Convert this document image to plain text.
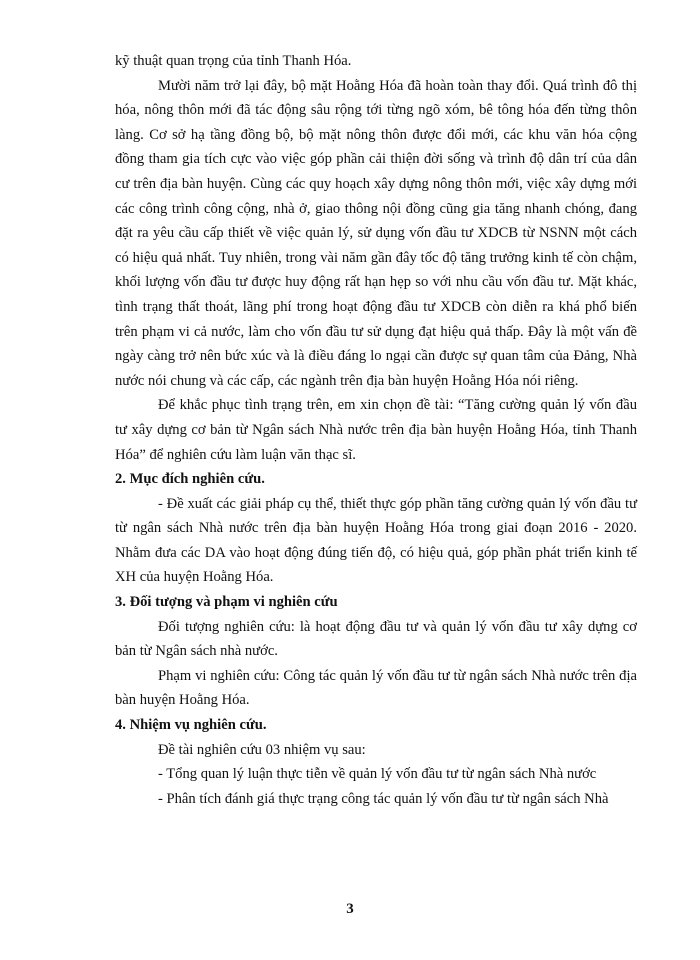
kỹ thuật quan trọng của tỉnh Thanh Hóa.

Mười năm trở lại đây, bộ mặt Hoằng Hóa đã hoàn toàn thay đổi. Quá trình đô thị hóa, nông thôn mới đã tác động sâu rộng tới từng ngõ xóm, bê tông hóa đến từng thôn làng. Cơ sở hạ tầng đồng bộ, bộ mặt nông thôn được đổi mới, các khu văn hóa cộng đồng tham gia tích cực vào việc góp phần cải thiện đời sống và trình độ dân trí của dân cư trên địa bàn huyện. Cùng các quy hoạch xây dựng nông thôn mới, việc xây dựng mới các công trình công cộng, nhà ở, giao thông nội đồng cũng gia tăng nhanh chóng, đang đặt ra yêu cầu cấp thiết về việc quản lý, sử dụng vốn đầu tư XDCB từ NSNN một cách có hiệu quả nhất. Tuy nhiên, trong vài năm gần đây tốc độ tăng trưởng kinh tế còn chậm, khối lượng vốn đầu tư được huy động rất hạn hẹp so với nhu cầu vốn đầu tư. Mặt khác, tình trạng thất thoát, lãng phí trong hoạt động đầu tư XDCB còn diễn ra khá phổ biến trên phạm vi cả nước, làm cho vốn đầu tư sử dụng đạt hiệu quả thấp. Đây là một vấn đề ngày càng trở nên bức xúc và là điều đáng lo ngại cần được sự quan tâm của Đảng, Nhà nước nói chung và các cấp, các ngành trên địa bàn huyện Hoằng Hóa nói riêng.

Để khắc phục tình trạng trên, em xin chọn đề tài: “Tăng cường quản lý vốn đầu tư xây dựng cơ bản từ Ngân sách Nhà nước trên địa bàn huyện Hoằng Hóa, tỉnh Thanh Hóa” để nghiên cứu làm luận văn thạc sĩ.

2. Mục đích nghiên cứu.

- Đề xuất các giải pháp cụ thể, thiết thực góp phần tăng cường quản lý vốn đầu tư từ ngân sách Nhà nước trên địa bàn huyện Hoằng Hóa trong giai đoạn 2016 - 2020. Nhằm đưa các DA vào hoạt động đúng tiến độ, có hiệu quả, góp phần phát triển kinh tế XH của huyện Hoằng Hóa.

3. Đối tượng và phạm vi nghiên cứu

Đối tượng nghiên cứu: là hoạt động đầu tư và quản lý vốn đầu tư xây dựng cơ bản từ Ngân sách nhà nước.

Phạm vi nghiên cứu: Công tác quản lý vốn đầu tư từ ngân sách Nhà nước trên địa bàn huyện Hoằng Hóa.

4. Nhiệm vụ nghiên cứu.

Đề tài nghiên cứu 03 nhiệm vụ sau:

- Tổng quan lý luận thực tiễn về quản lý vốn đầu tư từ ngân sách Nhà nước

- Phân tích đánh giá thực trạng công tác quản lý vốn đầu tư từ ngân sách Nhà

3
